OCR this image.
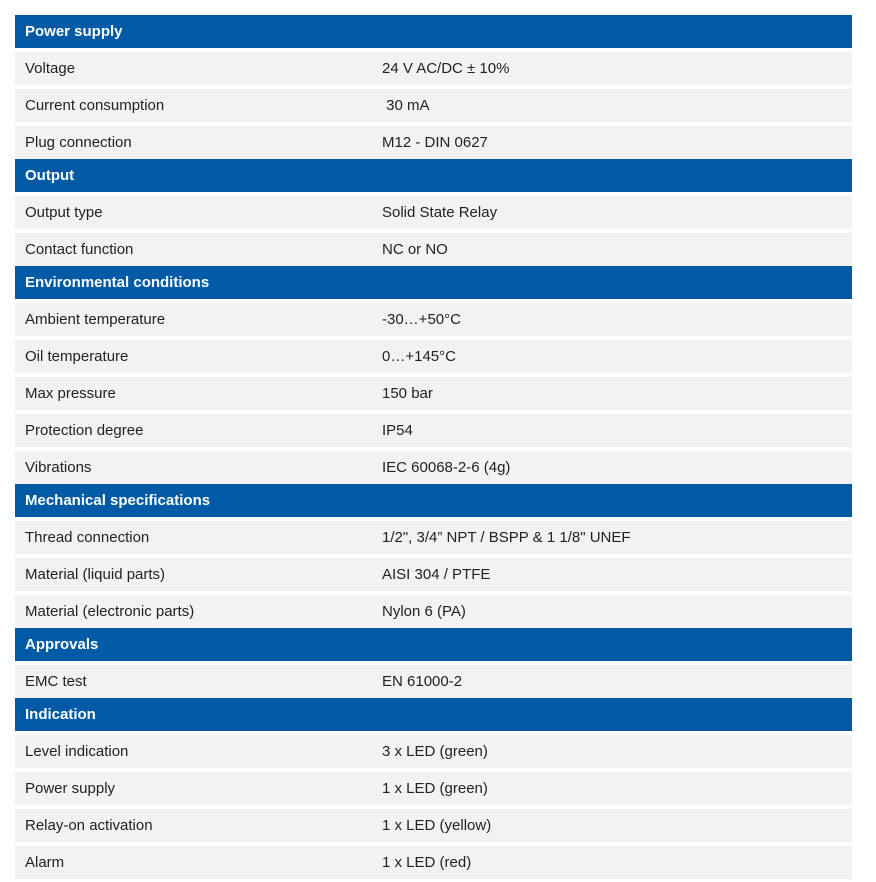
Power supply
Voltage	24 V AC/DC ± 10%
Current consumption	30 mA
Plug connection	M12 - DIN 0627
Output
Output type	Solid State Relay
Contact function	NC or NO
Environmental conditions
Ambient temperature	-30…+50°C
Oil temperature	0…+145°C
Max pressure	150 bar
Protection degree	IP54
Vibrations	IEC 60068-2-6 (4g)
Mechanical specifications
Thread connection	1/2", 3/4” NPT / BSPP & 1 1/8" UNEF
Material (liquid parts)	AISI 304 / PTFE
Material (electronic parts)	Nylon 6 (PA)
Approvals
EMC test	EN 61000-2
Indication
Level indication	3 x LED (green)
Power supply	1 x LED (green)
Relay-on activation	1 x LED (yellow)
Alarm	1 x LED (red)
